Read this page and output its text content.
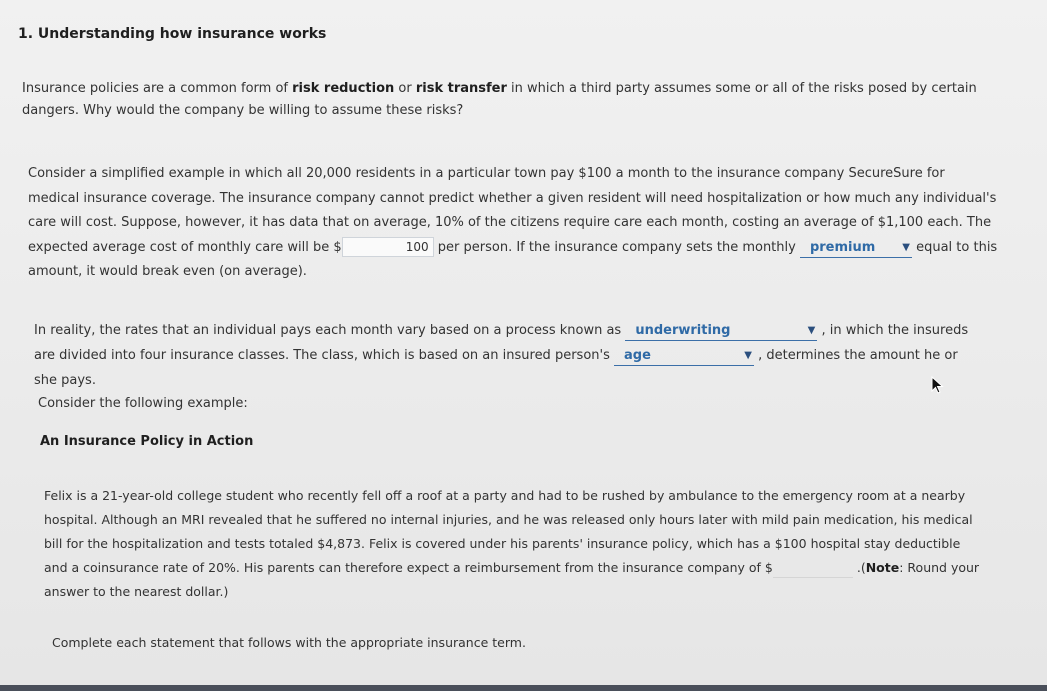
1. Understanding how insurance works
Insurance policies are a common form of risk reduction or risk transfer in which a third party assumes some or all of the risks posed by certain dangers. Why would the company be willing to assume these risks?
Consider a simplified example in which all 20,000 residents in a particular town pay $100 a month to the insurance company SecureSure for medical insurance coverage. The insurance company cannot predict whether a given resident will need hospitalization or how much any individual's care will cost. Suppose, however, it has data that on average, 10% of the citizens require care each month, costing an average of $1,100 each. The expected average cost of monthly care will be $	100 per person. If the insurance company sets the monthly premium	▼ equal to this amount, it would break even (on average).
In reality, the rates that an individual pays each month vary based on a process known as underwriting	▼ , in which the insureds are divided into four insurance classes. The class, which is based on an insured person's age	▼ , determines the amount he or she pays.
Consider the following example:
An Insurance Policy in Action
Felix is a 21-year-old college student who recently fell off a roof at a party and had to be rushed by ambulance to the emergency room at a nearby hospital. Although an MRI revealed that he suffered no internal injuries, and he was released only hours later with mild pain medication, his medical bill for the hospitalization and tests totaled $4,873. Felix is covered under his parents' insurance policy, which has a $100 hospital stay deductible and a coinsurance rate of 20%. His parents can therefore expect a reimbursement from the insurance company of $	.(Note: Round your answer to the nearest dollar.)
Complete each statement that follows with the appropriate insurance term.
